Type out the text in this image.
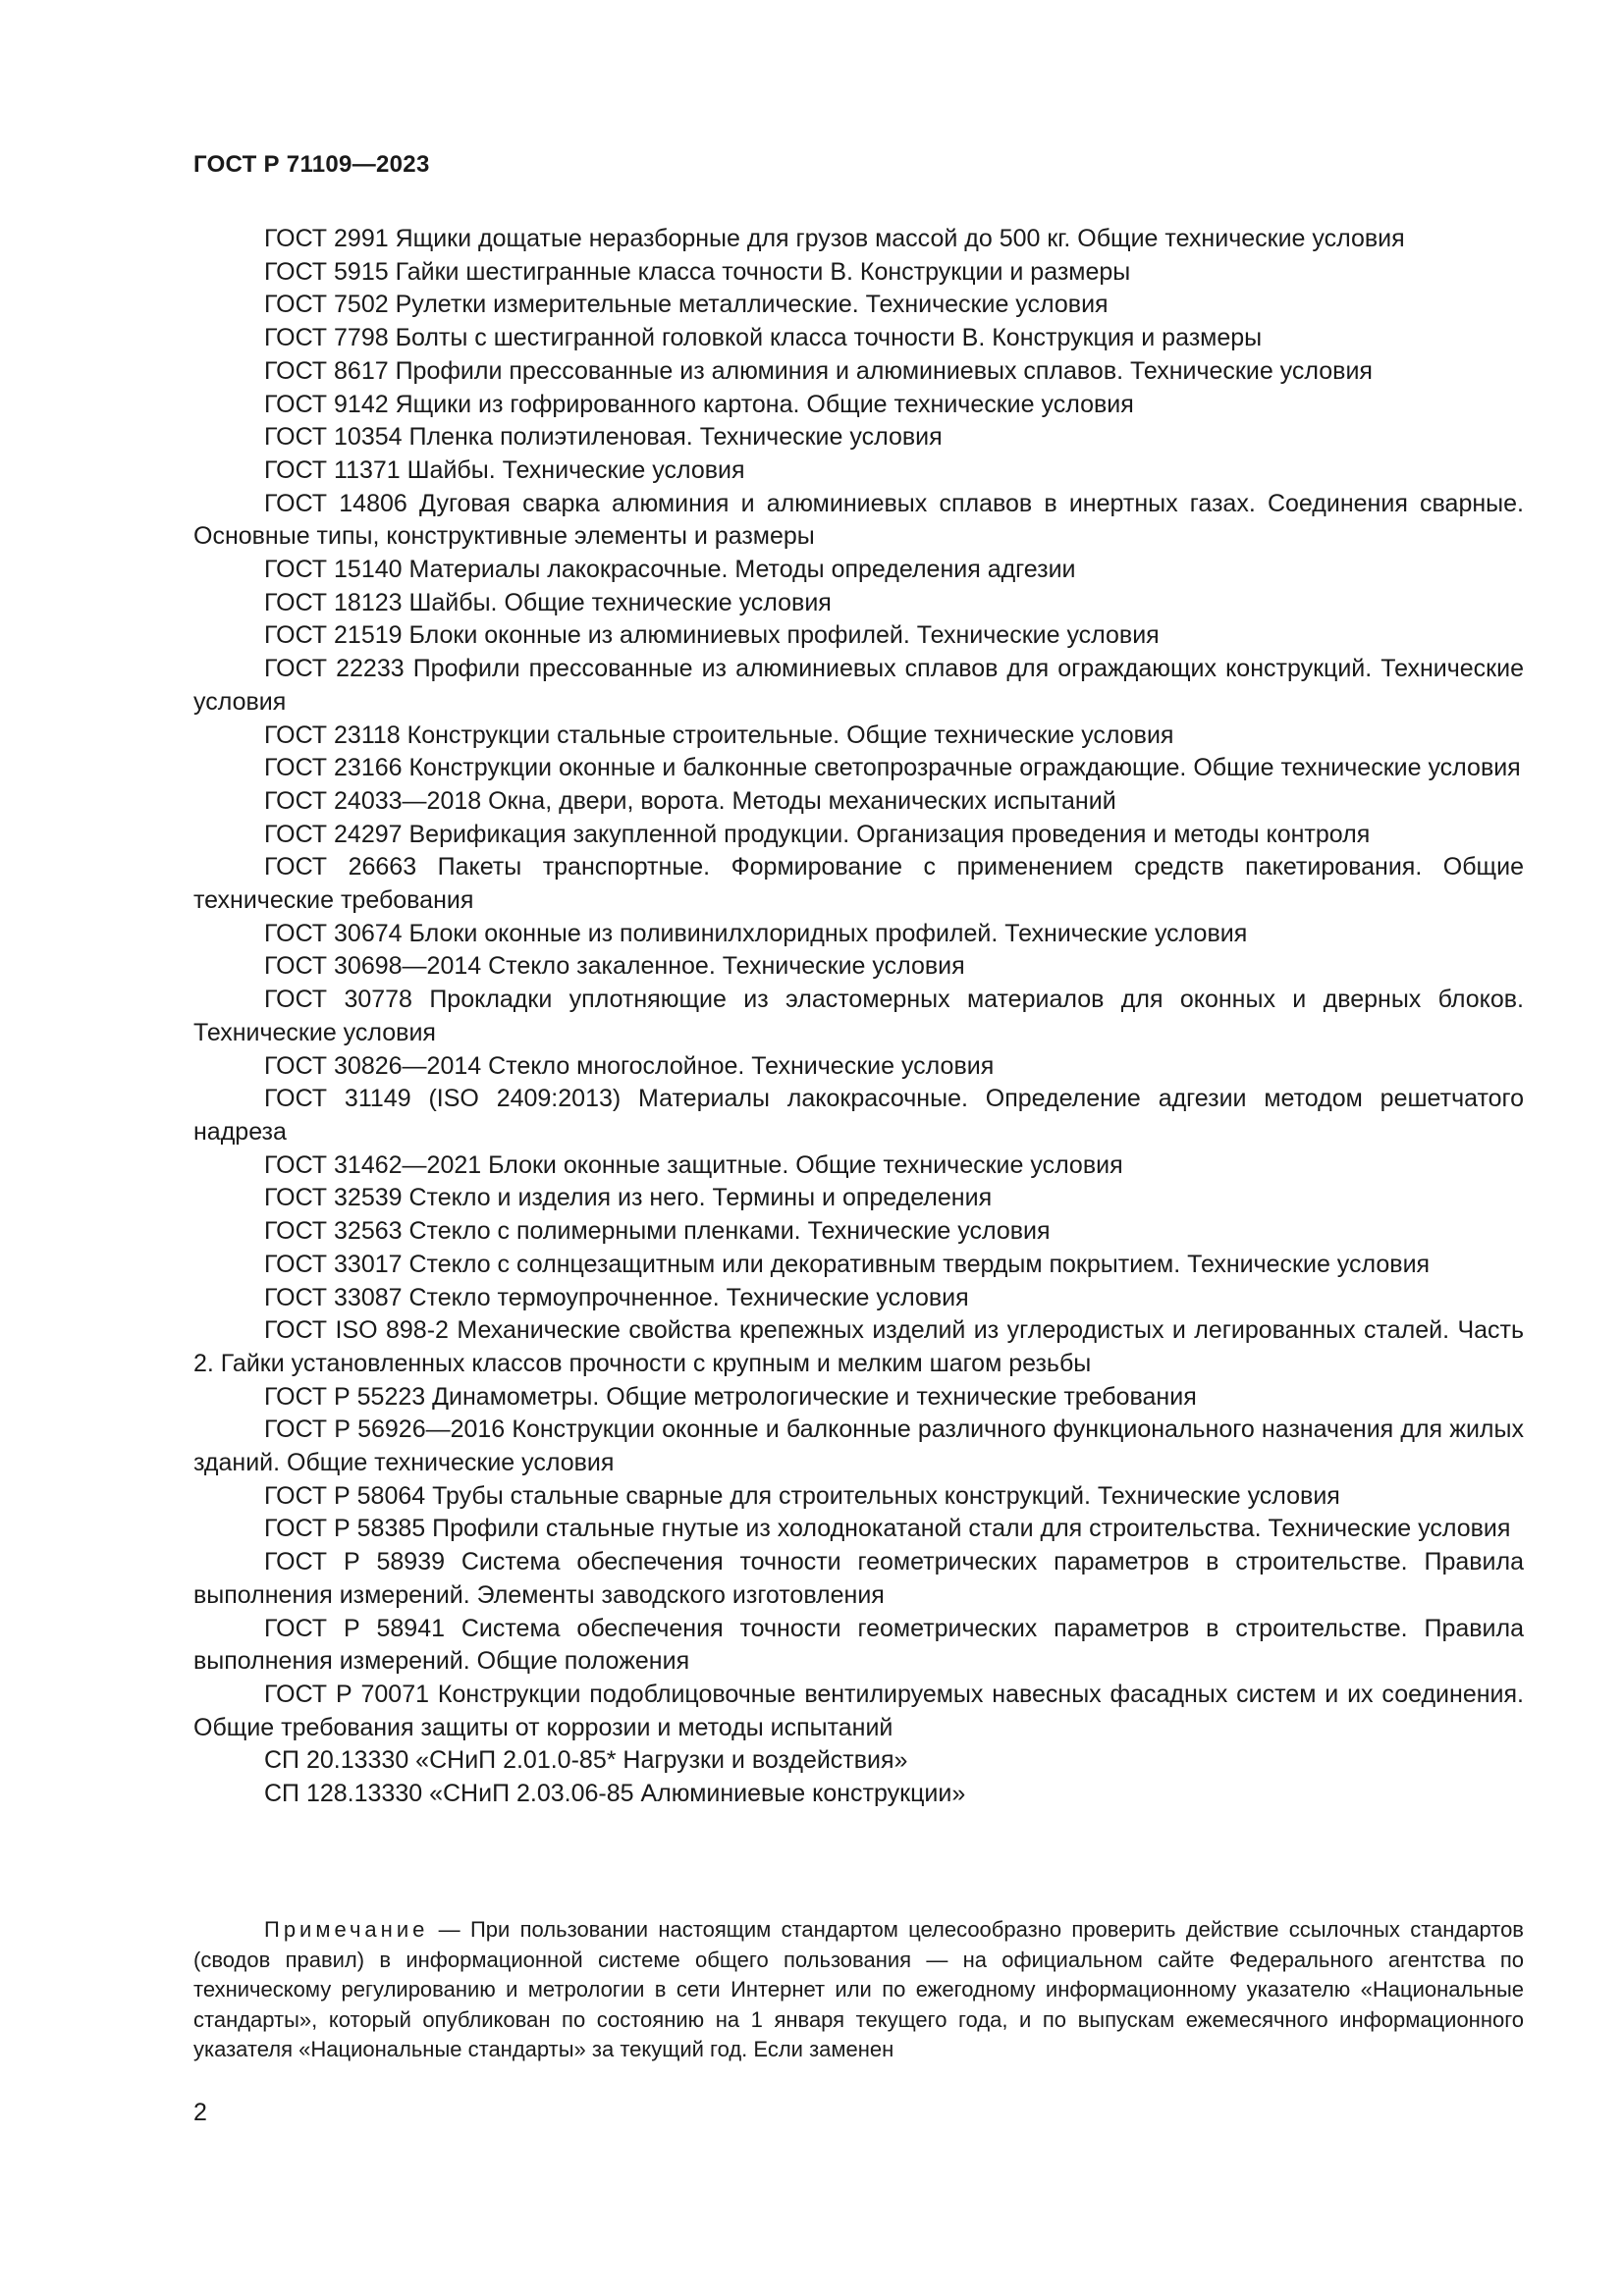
ГОСТ Р 71109—2023
ГОСТ 2991 Ящики дощатые неразборные для грузов массой до 500 кг. Общие технические условия
ГОСТ 5915 Гайки шестигранные класса точности В. Конструкции и размеры
ГОСТ 7502 Рулетки измерительные металлические. Технические условия
ГОСТ 7798 Болты с шестигранной головкой класса точности В. Конструкция и размеры
ГОСТ 8617 Профили прессованные из алюминия и алюминиевых сплавов. Технические условия
ГОСТ 9142 Ящики из гофрированного картона. Общие технические условия
ГОСТ 10354 Пленка полиэтиленовая. Технические условия
ГОСТ 11371 Шайбы. Технические условия
ГОСТ 14806 Дуговая сварка алюминия и алюминиевых сплавов в инертных газах. Соединения сварные. Основные типы, конструктивные элементы и размеры
ГОСТ 15140 Материалы лакокрасочные. Методы определения адгезии
ГОСТ 18123 Шайбы. Общие технические условия
ГОСТ 21519 Блоки оконные из алюминиевых профилей. Технические условия
ГОСТ 22233 Профили прессованные из алюминиевых сплавов для ограждающих конструкций. Технические условия
ГОСТ 23118 Конструкции стальные строительные. Общие технические условия
ГОСТ 23166 Конструкции оконные и балконные светопрозрачные ограждающие. Общие технические условия
ГОСТ 24033—2018 Окна, двери, ворота. Методы механических испытаний
ГОСТ 24297 Верификация закупленной продукции. Организация проведения и методы контроля
ГОСТ 26663 Пакеты транспортные. Формирование с применением средств пакетирования. Общие технические требования
ГОСТ 30674 Блоки оконные из поливинилхлоридных профилей. Технические условия
ГОСТ 30698—2014 Стекло закаленное. Технические условия
ГОСТ 30778 Прокладки уплотняющие из эластомерных материалов для оконных и дверных блоков. Технические условия
ГОСТ 30826—2014 Стекло многослойное. Технические условия
ГОСТ 31149 (ISO 2409:2013) Материалы лакокрасочные. Определение адгезии методом решетчатого надреза
ГОСТ 31462—2021 Блоки оконные защитные. Общие технические условия
ГОСТ 32539 Стекло и изделия из него. Термины и определения
ГОСТ 32563 Стекло с полимерными пленками. Технические условия
ГОСТ 33017 Стекло с солнцезащитным или декоративным твердым покрытием. Технические условия
ГОСТ 33087 Стекло термоупрочненное. Технические условия
ГОСТ ISO 898-2 Механические свойства крепежных изделий из углеродистых и легированных сталей. Часть 2. Гайки установленных классов прочности с крупным и мелким шагом резьбы
ГОСТ Р 55223 Динамометры. Общие метрологические и технические требования
ГОСТ Р 56926—2016 Конструкции оконные и балконные различного функционального назначения для жилых зданий. Общие технические условия
ГОСТ Р 58064 Трубы стальные сварные для строительных конструкций. Технические условия
ГОСТ Р 58385 Профили стальные гнутые из холоднокатаной стали для строительства. Технические условия
ГОСТ Р 58939 Система обеспечения точности геометрических параметров в строительстве. Правила выполнения измерений. Элементы заводского изготовления
ГОСТ Р 58941 Система обеспечения точности геометрических параметров в строительстве. Правила выполнения измерений. Общие положения
ГОСТ Р 70071 Конструкции подоблицовочные вентилируемых навесных фасадных систем и их соединения. Общие требования защиты от коррозии и методы испытаний
СП 20.13330 «СНиП 2.01.0-85* Нагрузки и воздействия»
СП 128.13330 «СНиП 2.03.06-85 Алюминиевые конструкции»

Примечание — При пользовании настоящим стандартом целесообразно проверить действие ссылочных стандартов (сводов правил) в информационной системе общего пользования — на официальном сайте Федерального агентства по техническому регулированию и метрологии в сети Интернет или по ежегодному информационному указателю «Национальные стандарты», который опубликован по состоянию на 1 января текущего года, и по выпускам ежемесячного информационного указателя «Национальные стандарты» за текущий год. Если заменен

2
